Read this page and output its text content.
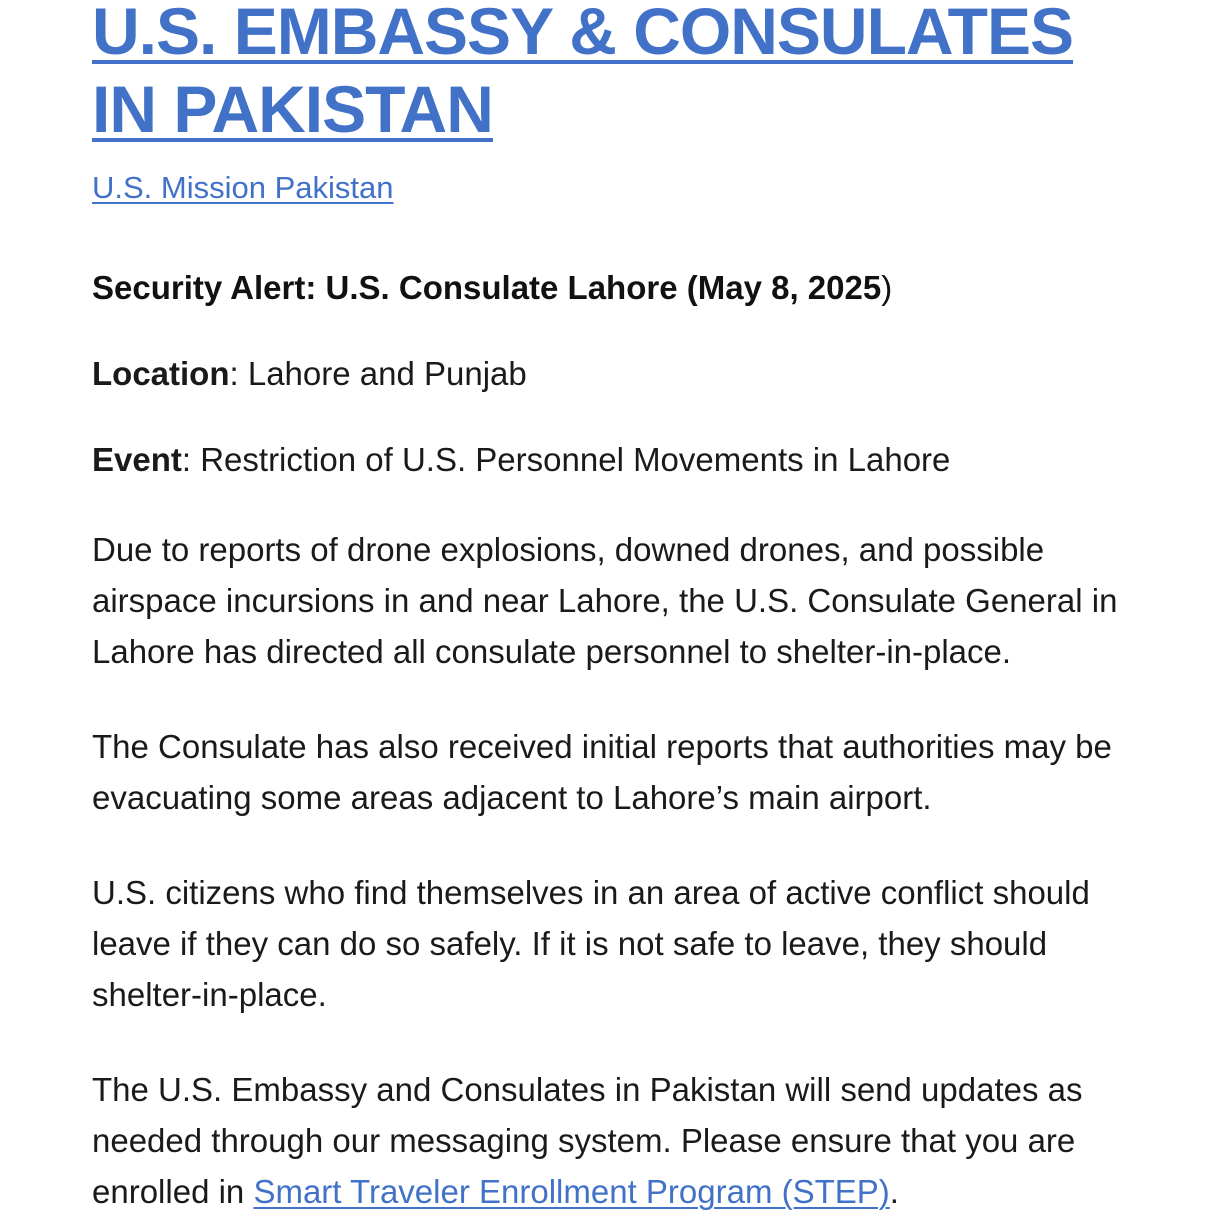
U.S. EMBASSY & CONSULATES IN PAKISTAN
U.S. Mission Pakistan

Security Alert: U.S. Consulate Lahore (May 8, 2025)

Location: Lahore and Punjab

Event: Restriction of U.S. Personnel Movements in Lahore

Due to reports of drone explosions, downed drones, and possible airspace incursions in and near Lahore, the U.S. Consulate General in Lahore has directed all consulate personnel to shelter-in-place.

The Consulate has also received initial reports that authorities may be evacuating some areas adjacent to Lahore’s main airport.

U.S. citizens who find themselves in an area of active conflict should leave if they can do so safely. If it is not safe to leave, they should shelter-in-place.

The U.S. Embassy and Consulates in Pakistan will send updates as needed through our messaging system. Please ensure that you are enrolled in Smart Traveler Enrollment Program (STEP).
